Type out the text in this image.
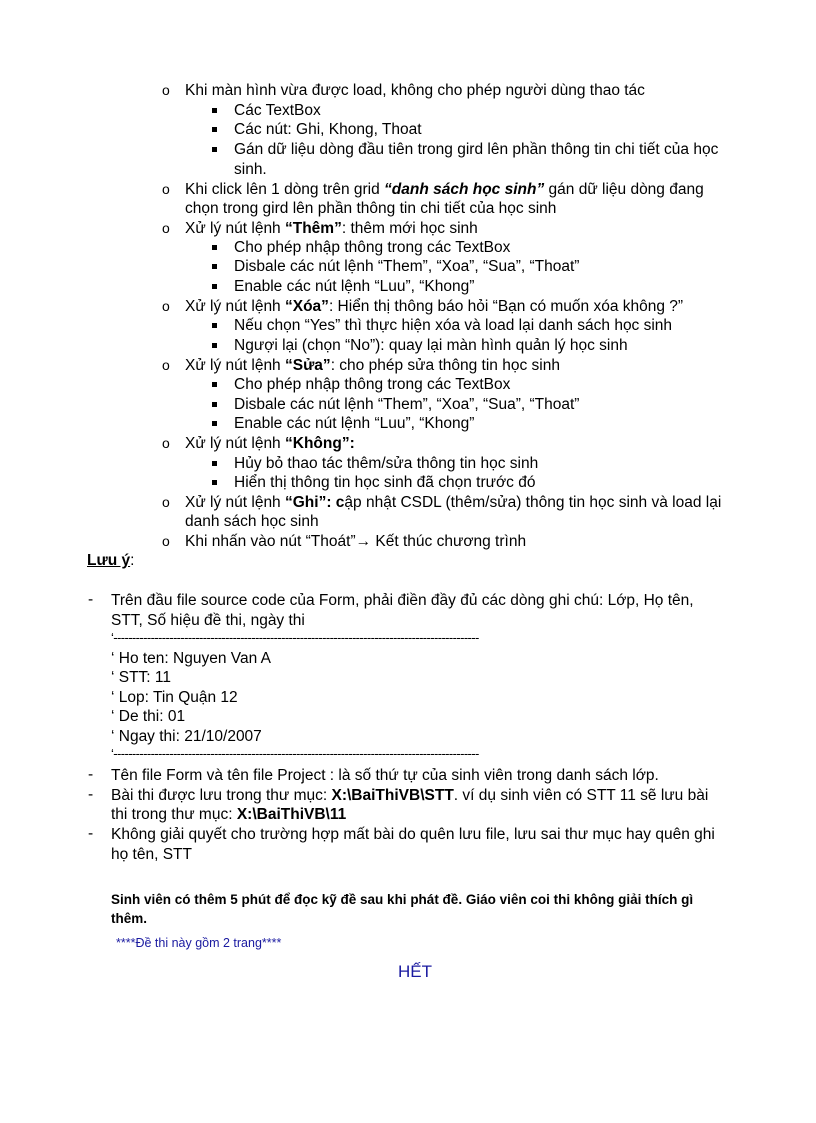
o Khi màn hình vừa được load, không cho phép người dùng thao tác
Các TextBox
Các nút: Ghi, Khong, Thoat
Gán dữ liệu dòng đầu tiên trong gird lên phần thông tin chi tiết của học
sinh.
o Khi click lên 1 dòng trên grid “danh sách học sinh” gán dữ liệu dòng đang
chọn trong gird lên phần thông tin chi tiết của học sinh
o Xử lý nút lệnh “Thêm”: thêm mới học sinh
Cho phép nhập thông trong các TextBox
Disbale các nút lệnh “Them”, “Xoa”, “Sua”, “Thoat”
Enable các nút lệnh “Luu”, “Khong”
o Xử lý nút lệnh “Xóa”: Hiển thị thông báo hỏi “Bạn có muốn xóa không ?”
Nếu chọn “Yes” thì thực hiện xóa và load lại danh sách học sinh
Ngượi lại (chọn “No”): quay lại màn hình quản lý học sinh
o Xử lý nút lệnh “Sửa”: cho phép sửa thông tin học sinh
Cho phép nhập thông trong các TextBox
Disbale các nút lệnh “Them”, “Xoa”, “Sua”, “Thoat”
Enable các nút lệnh “Luu”, “Khong”
o Xử lý nút lệnh “Không”:
Hủy bỏ thao tác thêm/sửa thông tin học sinh
Hiển thị thông tin học sinh đã chọn trước đó
o Xử lý nút lệnh “Ghi”: cập nhật CSDL (thêm/sửa) thông tin học sinh và load lại
danh sách học sinh
o Khi nhấn vào nút “Thoát”→ Kết thúc chương trình
Lưu ý:
- Trên đầu file source code của Form, phải điền đầy đủ các dòng ghi chú: Lớp, Họ tên,
STT, Số hiệu đề thi, ngày thi
‘--------------------------------------------------------------------------------------------------
‘ Ho ten: Nguyen Van A
‘ STT: 11
‘ Lop: Tin Quận 12
‘ De thi: 01
‘ Ngay thi: 21/10/2007
‘--------------------------------------------------------------------------------------------------
- Tên file Form và tên file Project : là số thứ tự của sinh viên trong danh sách lớp.
- Bài thi được lưu trong thư mục: X:\BaiThiVB\STT. ví dụ sinh viên có STT 11 sẽ lưu bài
thi trong thư mục: X:\BaiThiVB\11
- Không giải quyết cho trường hợp mất bài do quên lưu file, lưu sai thư mục hay quên ghi
họ tên, STT
Sinh viên có thêm 5 phút để đọc kỹ đề sau khi phát đề. Giáo viên coi thi không giải thích gì
thêm.
****Đề thi này gồm 2 trang****
HẾT
